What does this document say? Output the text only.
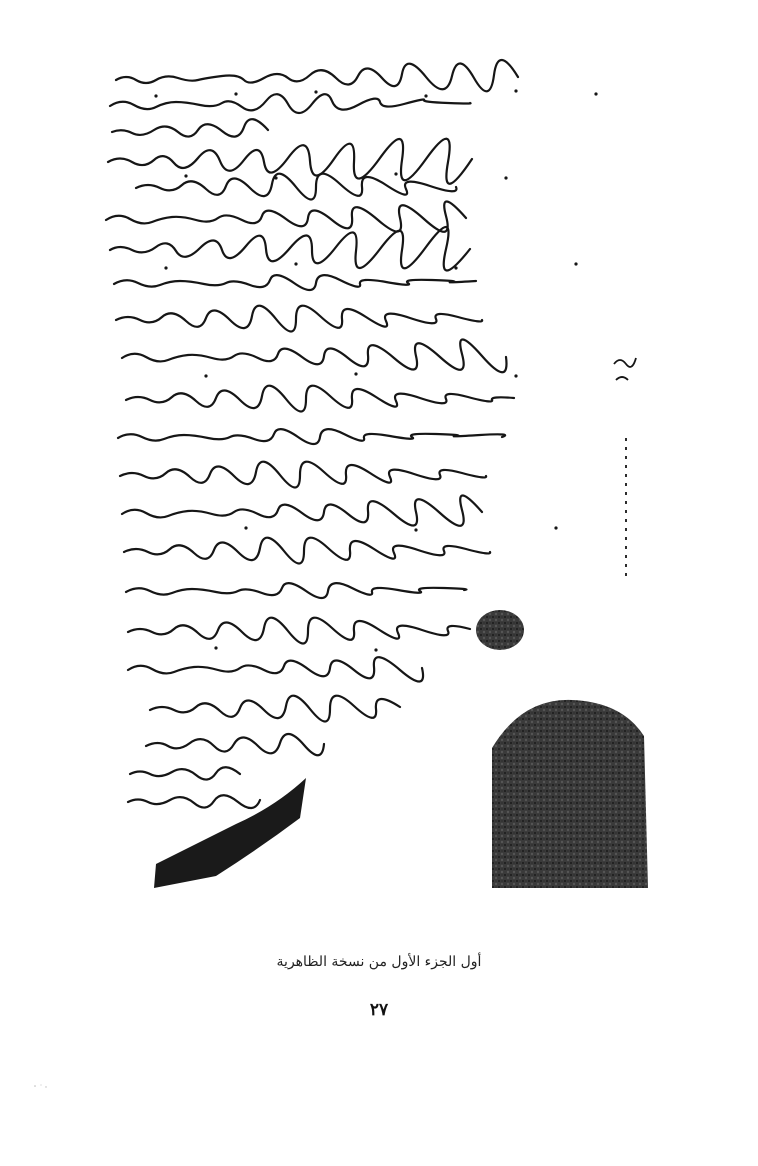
أول الجزء الأول من نسخة الظاهرية
٢٧
